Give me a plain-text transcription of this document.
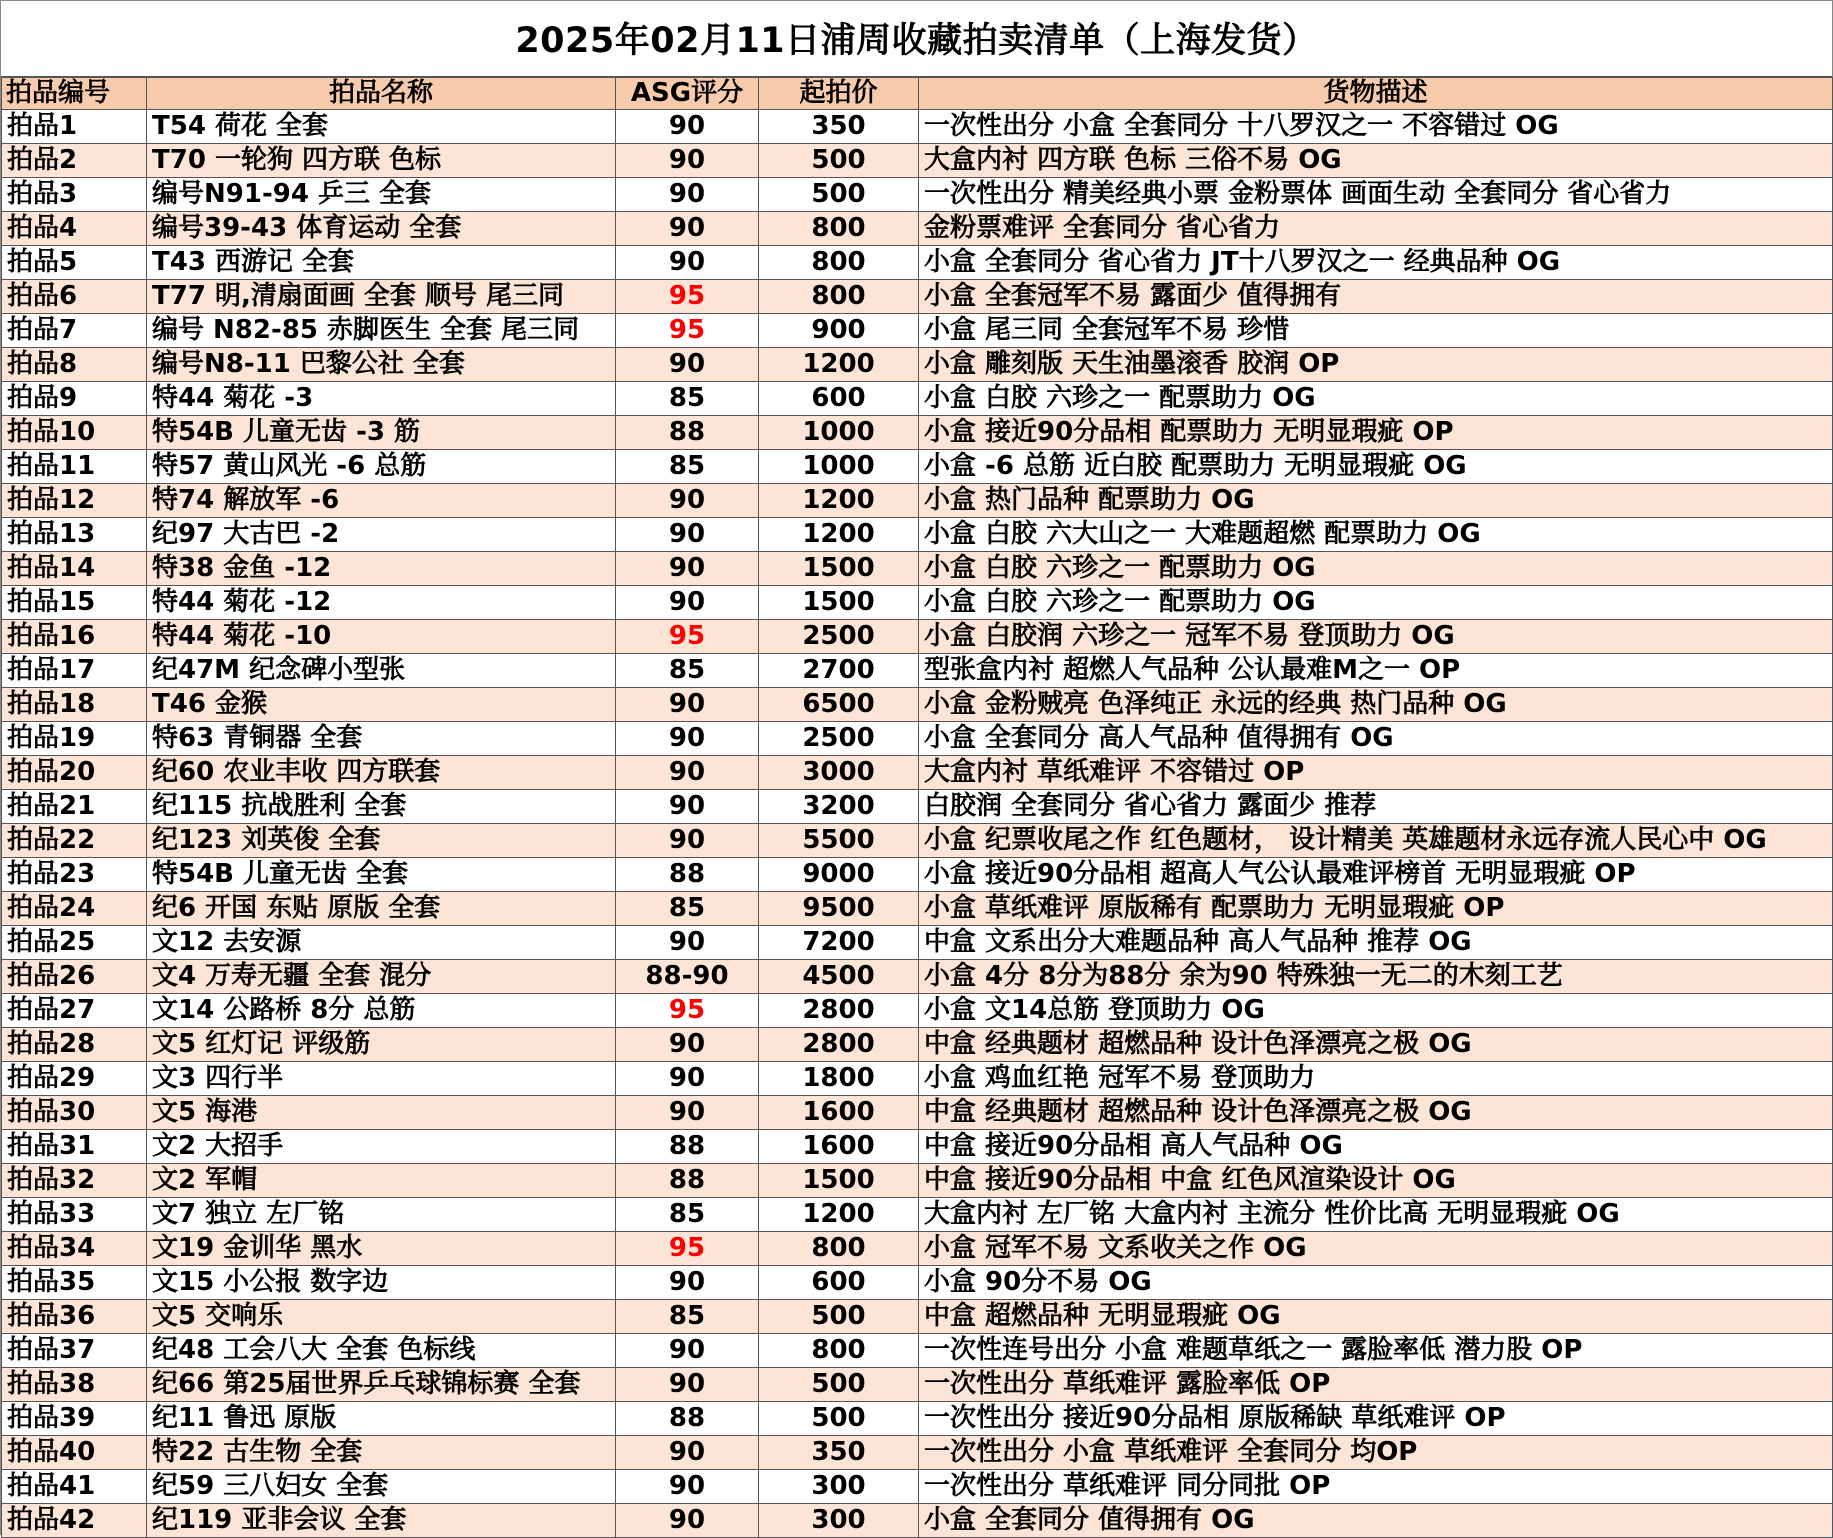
2025年02月11日浦周收藏拍卖清单（上海发货）
拍品编号	拍品名称	ASG评分	起拍价	货物描述
拍品1	T54 荷花 全套	90	350	一次性出分 小盒 全套同分 十八罗汉之一 不容错过 OG
拍品2	T70 一轮狗 四方联 色标	90	500	大盒内衬 四方联 色标 三俗不易 OG
拍品3	编号N91-94 乒三 全套	90	500	一次性出分 精美经典小票 金粉票体 画面生动 全套同分 省心省力
拍品4	编号39-43 体育运动 全套	90	800	金粉票难评 全套同分 省心省力
拍品5	T43 西游记 全套	90	800	小盒 全套同分 省心省力 JT十八罗汉之一 经典品种 OG
拍品6	T77 明,清扇面画 全套 顺号 尾三同	95	800	小盒 全套冠军不易 露面少 值得拥有
拍品7	编号 N82-85 赤脚医生 全套 尾三同	95	900	小盒 尾三同 全套冠军不易 珍惜
拍品8	编号N8-11 巴黎公社 全套	90	1200	小盒 雕刻版 天生油墨滚香 胶润 OP
拍品9	特44 菊花 -3	85	600	小盒 白胶 六珍之一 配票助力 OG
拍品10	特54B 儿童无齿 -3 筋	88	1000	小盒 接近90分品相 配票助力 无明显瑕疵 OP
拍品11	特57 黄山风光 -6 总筋	85	1000	小盒 -6 总筋 近白胶 配票助力 无明显瑕疵 OG
拍品12	特74 解放军 -6	90	1200	小盒 热门品种 配票助力 OG
拍品13	纪97 大古巴 -2	90	1200	小盒 白胶 六大山之一 大难题超燃 配票助力 OG
拍品14	特38 金鱼 -12	90	1500	小盒 白胶 六珍之一 配票助力 OG
拍品15	特44 菊花 -12	90	1500	小盒 白胶 六珍之一 配票助力 OG
拍品16	特44 菊花 -10	95	2500	小盒 白胶润 六珍之一 冠军不易 登顶助力 OG
拍品17	纪47M 纪念碑小型张	85	2700	型张盒内衬 超燃人气品种 公认最难M之一 OP
拍品18	T46 金猴	90	6500	小盒 金粉贼亮 色泽纯正 永远的经典 热门品种 OG
拍品19	特63 青铜器 全套	90	2500	小盒 全套同分 高人气品种 值得拥有 OG
拍品20	纪60 农业丰收 四方联套	90	3000	大盒内衬 草纸难评 不容错过 OP
拍品21	纪115 抗战胜利 全套	90	3200	白胶润 全套同分 省心省力 露面少 推荐
拍品22	纪123 刘英俊 全套	90	5500	小盒 纪票收尾之作 红色题材， 设计精美 英雄题材永远存流人民心中 OG
拍品23	特54B 儿童无齿 全套	88	9000	小盒 接近90分品相 超高人气公认最难评榜首 无明显瑕疵 OP
拍品24	纪6 开国 东贴 原版 全套	85	9500	小盒 草纸难评 原版稀有 配票助力 无明显瑕疵 OP
拍品25	文12 去安源	90	7200	中盒 文系出分大难题品种 高人气品种 推荐 OG
拍品26	文4 万寿无疆 全套 混分	88-90	4500	小盒 4分 8分为88分 余为90 特殊独一无二的木刻工艺
拍品27	文14 公路桥 8分 总筋	95	2800	小盒 文14总筋 登顶助力 OG
拍品28	文5 红灯记 评级筋	90	2800	中盒 经典题材 超燃品种 设计色泽漂亮之极 OG
拍品29	文3 四行半	90	1800	小盒 鸡血红艳 冠军不易 登顶助力
拍品30	文5 海港	90	1600	中盒 经典题材 超燃品种 设计色泽漂亮之极 OG
拍品31	文2 大招手	88	1600	中盒 接近90分品相 高人气品种 OG
拍品32	文2 军帽	88	1500	中盒 接近90分品相 中盒 红色风渲染设计 OG
拍品33	文7 独立 左厂铭	85	1200	大盒内衬 左厂铭 大盒内衬 主流分 性价比高 无明显瑕疵 OG
拍品34	文19 金训华 黑水	95	800	小盒 冠军不易 文系收关之作 OG
拍品35	文15 小公报 数字边	90	600	小盒 90分不易 OG
拍品36	文5 交响乐	85	500	中盒 超燃品种 无明显瑕疵 OG
拍品37	纪48 工会八大 全套 色标线	90	800	一次性连号出分 小盒 难题草纸之一 露脸率低 潜力股 OP
拍品38	纪66 第25届世界乒乓球锦标赛 全套	90	500	一次性出分 草纸难评 露脸率低 OP
拍品39	纪11 鲁迅 原版	88	500	一次性出分 接近90分品相 原版稀缺 草纸难评 OP
拍品40	特22 古生物 全套	90	350	一次性出分 小盒 草纸难评 全套同分 均OP
拍品41	纪59 三八妇女 全套	90	300	一次性出分 草纸难评 同分同批 OP
拍品42	纪119 亚非会议 全套	90	300	小盒 全套同分 值得拥有 OG
